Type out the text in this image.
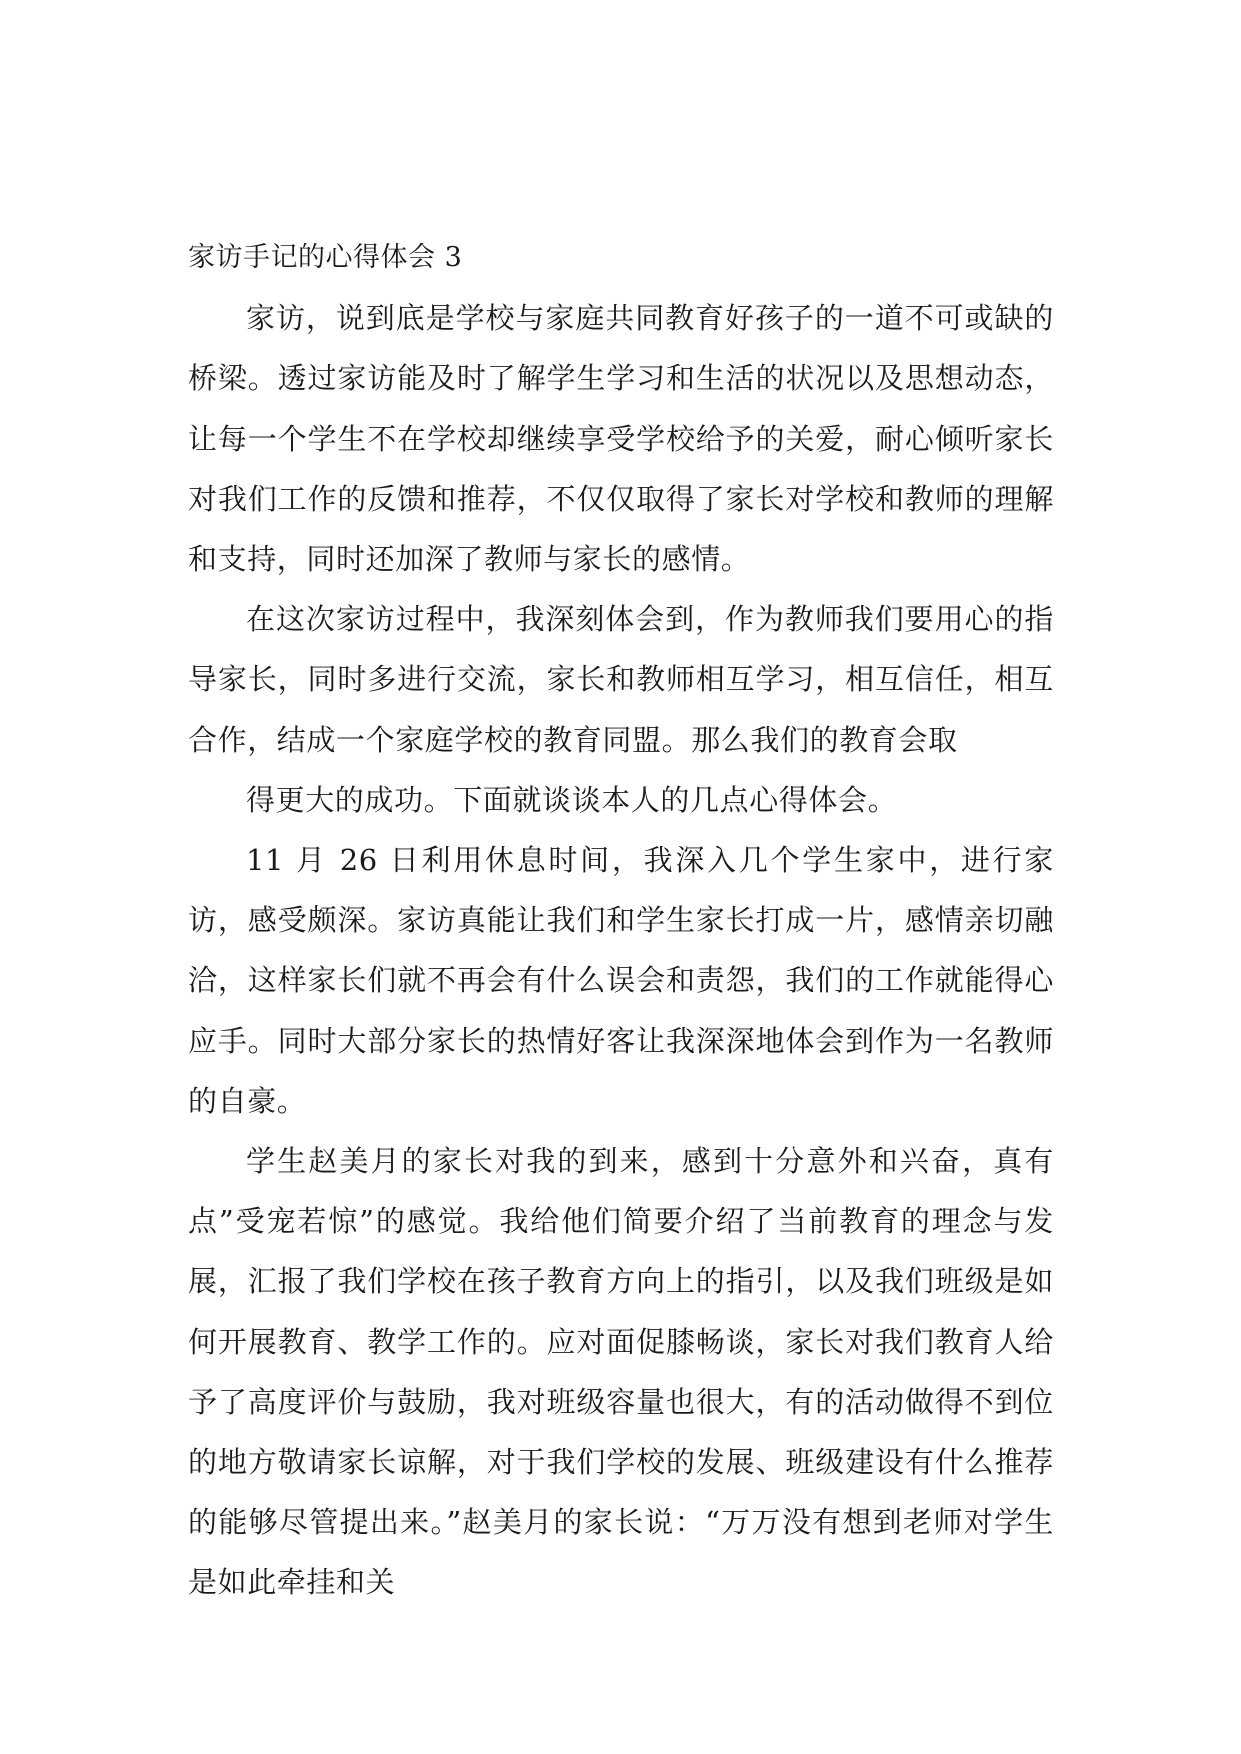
家访手记的心得体会 3

家访，说到底是学校与家庭共同教育好孩子的一道不可或缺的桥梁。透过家访能及时了解学生学习和生活的状况以及思想动态，让每一个学生不在学校却继续享受学校给予的关爱，耐心倾听家长对我们工作的反馈和推荐，不仅仅取得了家长对学校和教师的理解和支持，同时还加深了教师与家长的感情。

在这次家访过程中，我深刻体会到，作为教师我们要用心的指导家长，同时多进行交流，家长和教师相互学习，相互信任，相互合作，结成一个家庭学校的教育同盟。那么我们的教育会取

得更大的成功。下面就谈谈本人的几点心得体会。

11 月 26 日利用休息时间，我深入几个学生家中，进行家访，感受颇深。家访真能让我们和学生家长打成一片，感情亲切融洽，这样家长们就不再会有什么误会和责怨，我们的工作就能得心应手。同时大部分家长的热情好客让我深深地体会到作为一名教师的自豪。

学生赵美月的家长对我的到来，感到十分意外和兴奋，真有点”受宠若惊”的感觉。我给他们简要介绍了当前教育的理念与发展，汇报了我们学校在孩子教育方向上的指引，以及我们班级是如何开展教育、教学工作的。应对面促膝畅谈，家长对我们教育人给予了高度评价与鼓励，我对班级容量也很大，有的活动做得不到位的地方敬请家长谅解，对于我们学校的发展、班级建设有什么推荐的能够尽管提出来。”赵美月的家长说：“万万没有想到老师对学生是如此牵挂和关
